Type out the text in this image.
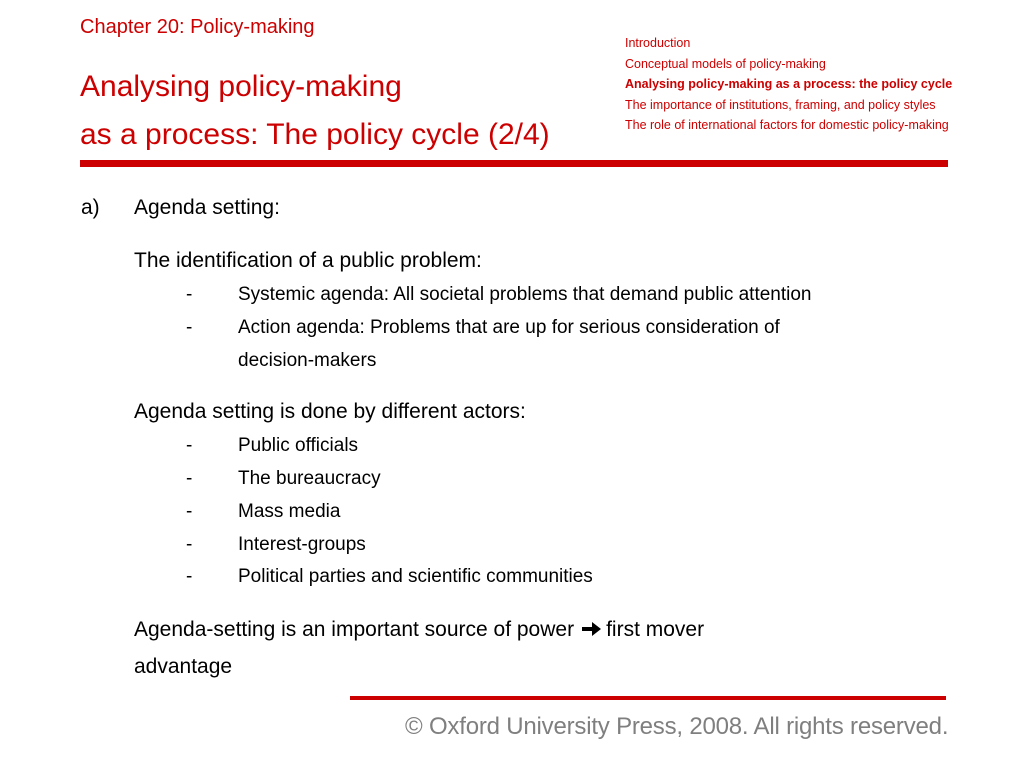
Chapter 20: Policy-making
Analysing policy-making
as a process: The policy cycle (2/4)
Introduction
Conceptual models of policy-making
Analysing policy-making as a process: the policy cycle
The importance of institutions, framing, and policy styles
The role of international factors for domestic policy-making
a) Agenda setting:
The identification of a public problem:
- Systemic agenda: All societal problems that demand public attention
- Action agenda: Problems that are up for serious consideration of
decision-makers
Agenda setting is done by different actors:
- Public officials
- The bureaucracy
- Mass media
- Interest-groups
- Political parties and scientific communities
Agenda-setting is an important source of power first mover
advantage
© Oxford University Press, 2008. All rights reserved.
